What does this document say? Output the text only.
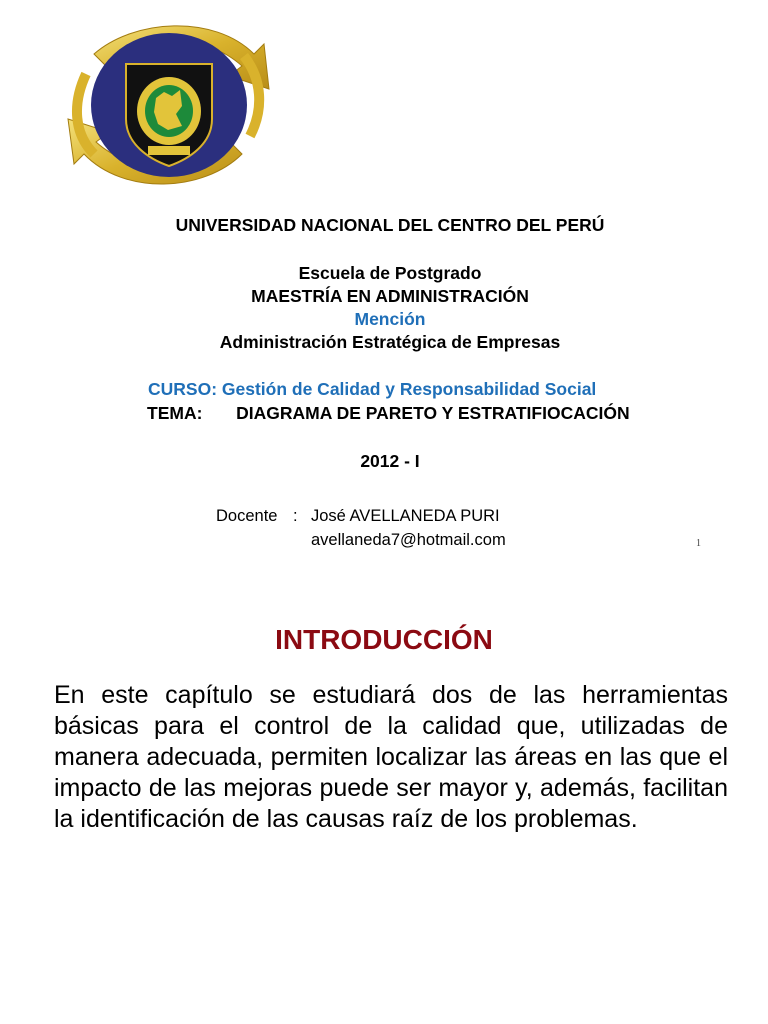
UNIVERSIDAD NACIONAL DEL CENTRO DEL PERÚ
Escuela de Postgrado
MAESTRÍA EN ADMINISTRACIÓN
Mención
Administración Estratégica de Empresas
CURSO: Gestión de Calidad y Responsabilidad Social
TEMA: DIAGRAMA DE PARETO Y ESTRATIFIOCACIÓN
2012 - I
Docente : José AVELLANEDA PURI
avellaneda7@hotmail.com	1
INTRODUCCIÓN
En este capítulo se estudiará dos de las herramientas básicas para el control de la calidad que, utilizadas de manera adecuada, permiten localizar las áreas en las que el impacto de las mejoras puede ser mayor y, además, facilitan la identificación de las causas raíz de los problemas.
